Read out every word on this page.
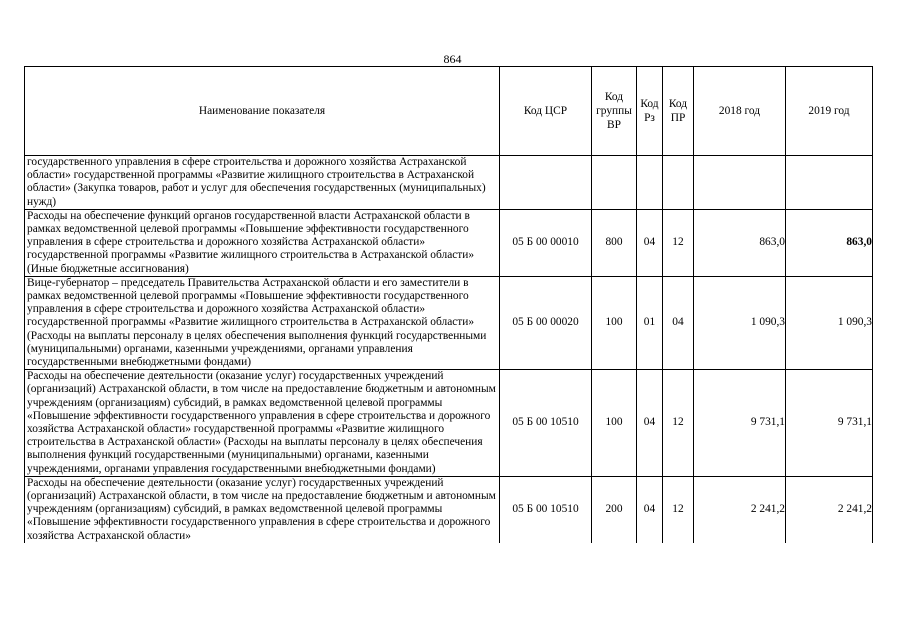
864
Наименование показателя	Код ЦСР	Код группы ВР	Код Рз	Код ПР	2018 год	2019 год
государственного управления в сфере строительства и дорожного хозяйства Астраханской области» государственной программы «Развитие жилищного строительства в Астраханской области» (Закупка товаров, работ и услуг для обеспечения государственных (муниципальных) нужд)						
Расходы на обеспечение функций органов государственной власти Астраханской области в рамках ведомственной целевой программы «Повышение эффективности государственного управления в сфере строительства и дорожного хозяйства Астраханской области» государственной программы «Развитие жилищного строительства в Астраханской области» (Иные бюджетные ассигнования)	05 Б 00 00010	800	04	12	863,0	863,0
Вице-губернатор – председатель Правительства Астраханской области и его заместители в рамках ведомственной целевой программы «Повышение эффективности государственного управления в сфере строительства и дорожного хозяйства Астраханской области» государственной программы «Развитие жилищного строительства в Астраханской области» (Расходы на выплаты персоналу в целях обеспечения выполнения функций государственными (муниципальными) органами, казенными учреждениями, органами управления государственными внебюджетными фондами)	05 Б 00 00020	100	01	04	1 090,3	1 090,3
Расходы на обеспечение деятельности (оказание услуг) государственных учреждений (организаций) Астраханской области, в том числе на предоставление бюджетным и автономным учреждениям (организациям) субсидий, в рамках ведомственной целевой программы «Повышение эффективности государственного управления в сфере строительства и дорожного хозяйства Астраханской области» государственной программы «Развитие жилищного строительства в Астраханской области» (Расходы на выплаты персоналу в целях обеспечения выполнения функций государственными (муниципальными) органами, казенными учреждениями, органами управления государственными внебюджетными фондами)	05 Б 00 10510	100	04	12	9 731,1	9 731,1
Расходы на обеспечение деятельности (оказание услуг) государственных учреждений (организаций) Астраханской области, в том числе на предоставление бюджетным и автономным учреждениям (организациям) субсидий, в рамках ведомственной целевой программы «Повышение эффективности государственного управления в сфере строительства и дорожного хозяйства Астраханской области»	05 Б 00 10510	200	04	12	2 241,2	2 241,2
